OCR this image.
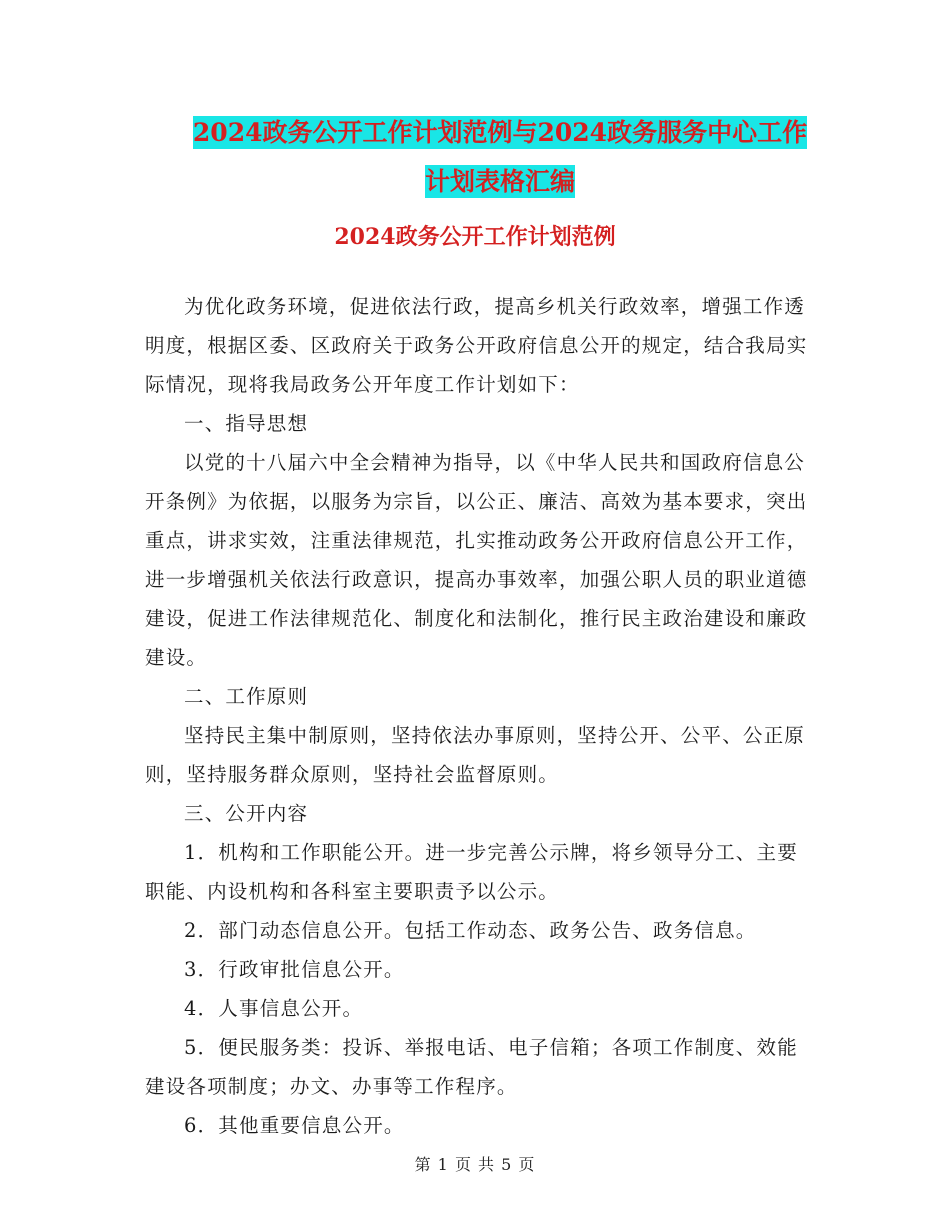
2024政务公开工作计划范例与2024政务服务中心工作
计划表格汇编
2024政务公开工作计划范例

为优化政务环境，促进依法行政，提高乡机关行政效率，增强工作透明度，根据区委、区政府关于政务公开政府信息公开的规定，结合我局实际情况，现将我局政务公开年度工作计划如下：

一、指导思想

以党的十八届六中全会精神为指导，以《中华人民共和国政府信息公开条例》为依据，以服务为宗旨，以公正、廉洁、高效为基本要求，突出重点，讲求实效，注重法律规范，扎实推动政务公开政府信息公开工作，进一步增强机关依法行政意识，提高办事效率，加强公职人员的职业道德建设，促进工作法律规范化、制度化和法制化，推行民主政治建设和廉政建设。

二、工作原则

坚持民主集中制原则，坚持依法办事原则，坚持公开、公平、公正原则，坚持服务群众原则，坚持社会监督原则。

三、公开内容

1．机构和工作职能公开。进一步完善公示牌，将乡领导分工、主要职能、内设机构和各科室主要职责予以公示。

2．部门动态信息公开。包括工作动态、政务公告、政务信息。

3．行政审批信息公开。

4．人事信息公开。

5．便民服务类：投诉、举报电话、电子信箱；各项工作制度、效能建设各项制度；办文、办事等工作程序。

6．其他重要信息公开。

第 1 页 共 5 页
